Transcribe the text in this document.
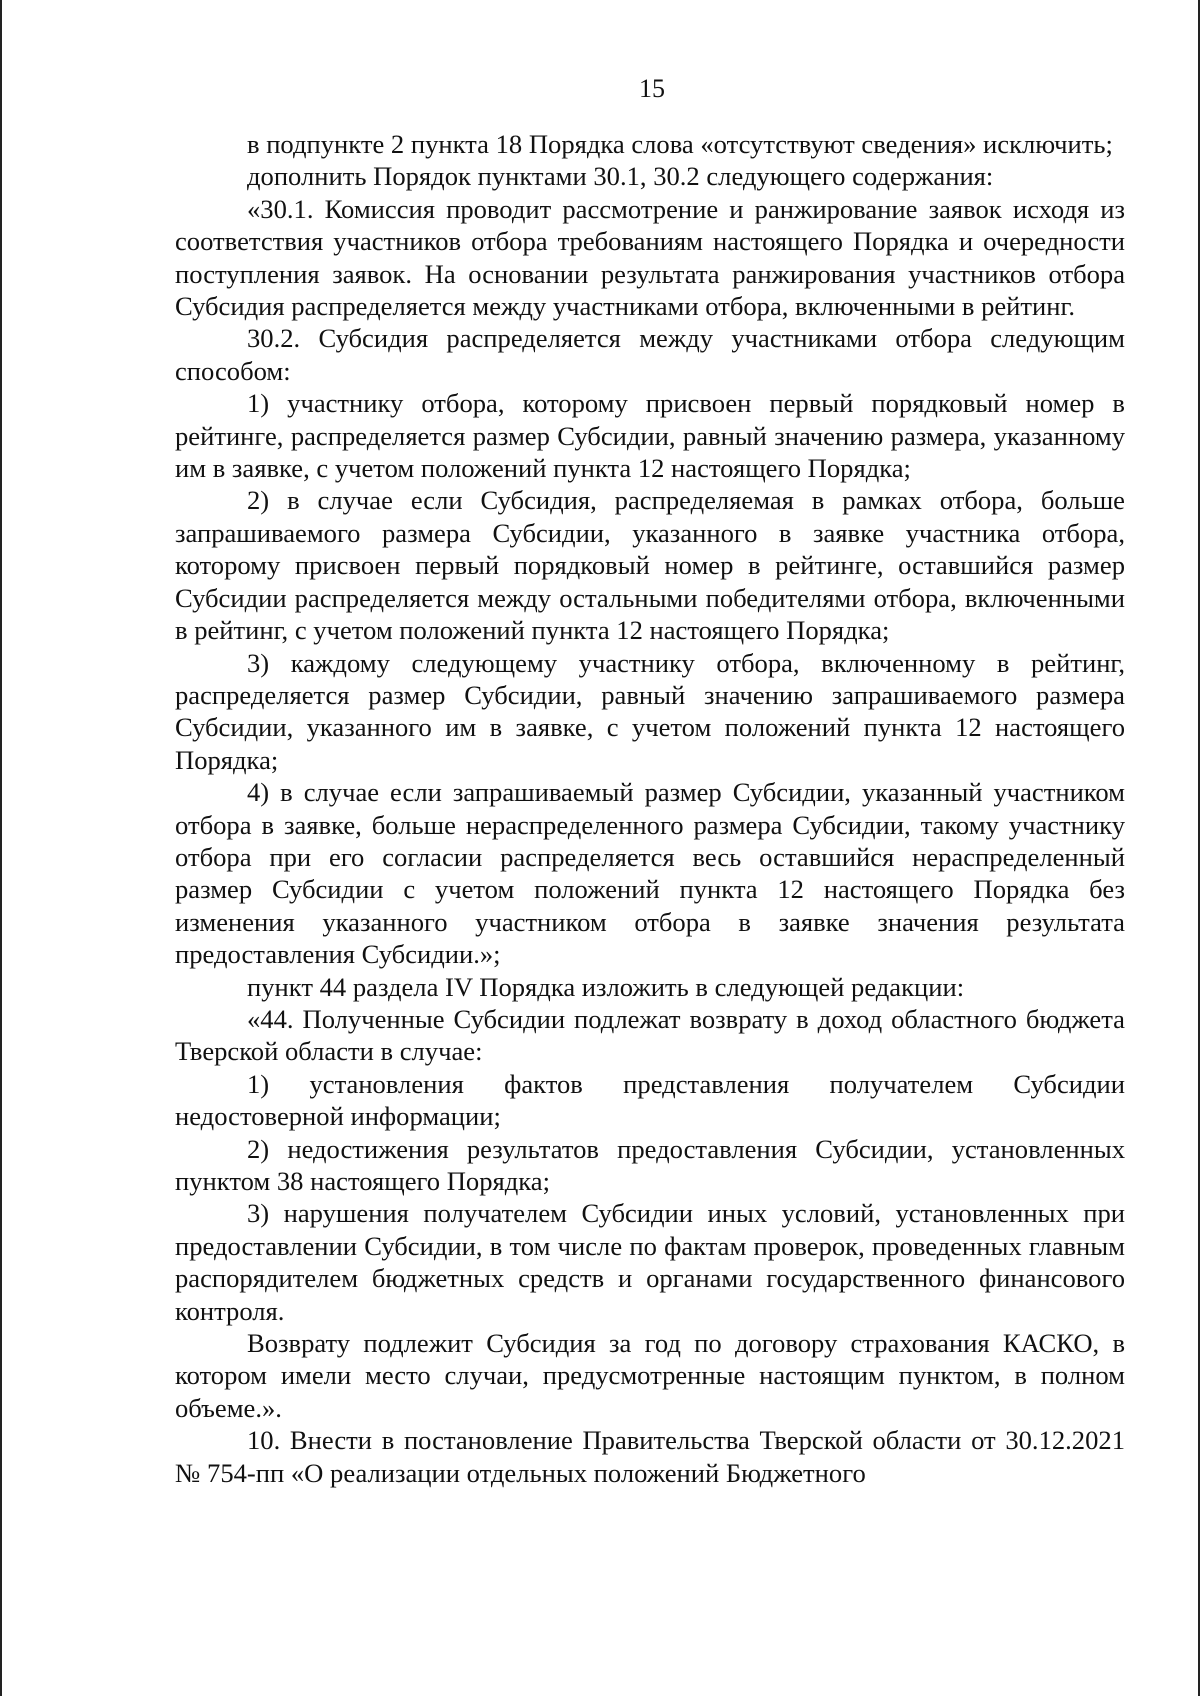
15

в подпункте 2 пункта 18 Порядка слова «отсутствуют сведения» исключить;

дополнить Порядок пунктами 30.1, 30.2 следующего содержания:

«30.1. Комиссия проводит рассмотрение и ранжирование заявок исходя из соответствия участников отбора требованиям настоящего Порядка и очередности поступления заявок. На основании результата ранжирования участников отбора Субсидия распределяется между участниками отбора, включенными в рейтинг.

30.2. Субсидия распределяется между участниками отбора следующим способом:

1) участнику отбора, которому присвоен первый порядковый номер в рейтинге, распределяется размер Субсидии, равный значению размера, указанному им в заявке, с учетом положений пункта 12 настоящего Порядка;

2) в случае если Субсидия, распределяемая в рамках отбора, больше запрашиваемого размера Субсидии, указанного в заявке участника отбора, которому присвоен первый порядковый номер в рейтинге, оставшийся размер Субсидии распределяется между остальными победителями отбора, включенными в рейтинг, с учетом положений пункта 12 настоящего Порядка;

3) каждому следующему участнику отбора, включенному в рейтинг, распределяется размер Субсидии, равный значению запрашиваемого размера Субсидии, указанного им в заявке, с учетом положений пункта 12 настоящего Порядка;

4) в случае если запрашиваемый размер Субсидии, указанный участником отбора в заявке, больше нераспределенного размера Субсидии, такому участнику отбора при его согласии распределяется весь оставшийся нераспределенный размер Субсидии с учетом положений пункта 12 настоящего Порядка без изменения указанного участником отбора в заявке значения результата предоставления Субсидии.»;

пункт 44 раздела IV Порядка изложить в следующей редакции:

«44. Полученные Субсидии подлежат возврату в доход областного бюджета Тверской области в случае:

1) установления фактов представления получателем Субсидии недостоверной информации;

2) недостижения результатов предоставления Субсидии, установленных пунктом 38 настоящего Порядка;

3) нарушения получателем Субсидии иных условий, установленных при предоставлении Субсидии, в том числе по фактам проверок, проведенных главным распорядителем бюджетных средств и органами государственного финансового контроля.

Возврату подлежит Субсидия за год по договору страхования КАСКО, в котором имели место случаи, предусмотренные настоящим пунктом, в полном объеме.».

10. Внести в постановление Правительства Тверской области от 30.12.2021 № 754-пп «О реализации отдельных положений Бюджетного
